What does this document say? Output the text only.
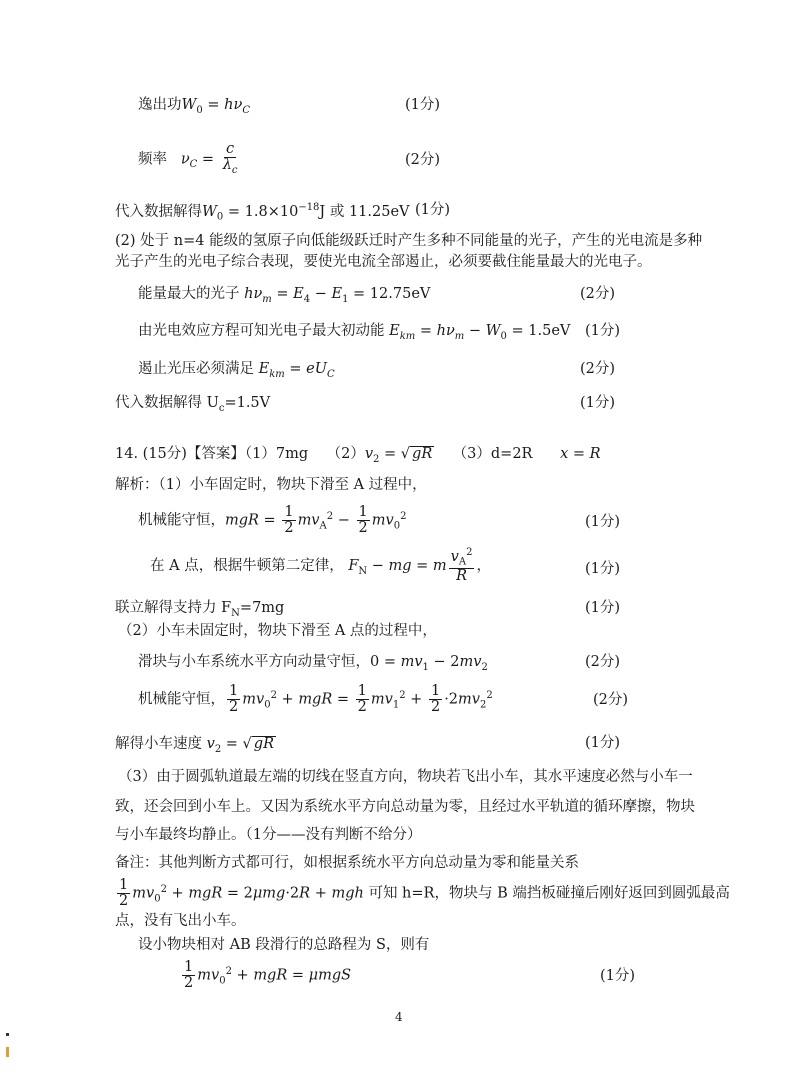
逸出功$W_0 = h\nu_C$	(1分)
频率 $\nu_C = \frac{c}{\lambda_c}$	(2分)
代入数据解得$W_0 = 1.8\times 10^{-18}J$ 或 11.25eV (1分)
(2) 处于 n=4 能级的氢原子向低能级跃迁时产生多种不同能量的光子，产生的光电流是多种
光子产生的光电子综合表现，要使光电流全部遏止，必须要截住能量最大的光电子。
能量最大的光子 $h\nu_m = E_4 - E_1 = 12.75eV$	(2分)
由光电效应方程可知光电子最大初动能 $E_{km} = h\nu_m - W_0 = 1.5eV$ (1分)
遏止光压必须满足 $E_{km} = eU_C$	(2分)
代入数据解得 $U_c=1.5V$	(1分)
14. (15分)【答案】（1）7mg $(2)v_2$ = √ gR （3）d=2R x = R
解析：（1）小车固定时，物块下滑至 A 过程中，
机械能守恒，mgR = $\frac{1}{2} mv_A^2 - \frac{1}{2} mv_0^2$	(1分)
在 A 点，根据牛顿第二定律， $F_N$ − mg = m $\frac{v_A^2}{R}$ ，	(1分)
联立解得支持力 $F_N=7mg$	(1分)
（2）小车未固定时，物块下滑至 A 点的过程中，
滑块与小车系统水平方向动量守恒，$0 = mv_1 - 2mv_2$	(2分)
机械能守恒， $\frac{1}{2} mv_0^2$ + mgR = $\frac{1}{2} mv_1^2 + \frac{1}{2} \cdot 2mv_2^2$	(2分)
解得小车速度 $v_2$ = √ gR	(1分)
（3）由于圆弧轨道最左端的切线在竖直方向，物块若飞出小车，其水平速度必然与小车一
致，还会回到小车上。又因为系统水平方向总动量为零，且经过水平轨道的循环摩擦，物块
与小车最终均静止。（1分——没有判断不给分）
备注：其他判断方式都可行，如根据系统水平方向总动量为零和能量关系
$\frac{1}{2} mv_0^2$ + mgR = 2μmg·2R + mgh 可知 h=R，物块与 B 端挡板碰撞后刚好返回到圆弧最高
点，没有飞出小车。
设小物块相对 AB 段滑行的总路程为 S，则有
$\frac{1}{2} mv_0^2$ + mgR = μmgS	(1分)
4
